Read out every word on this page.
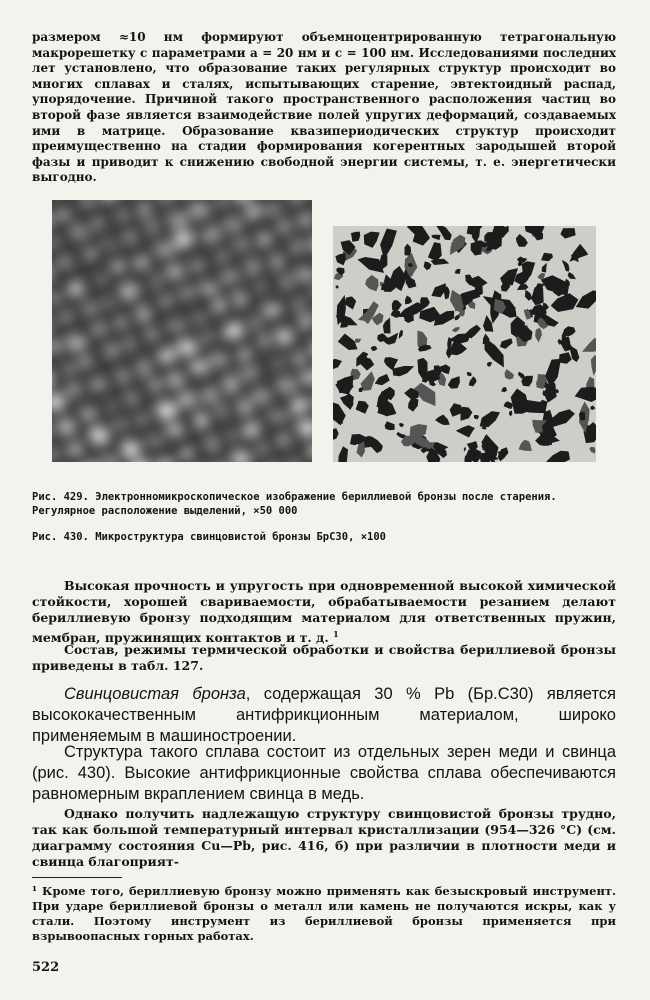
размером ≈10 нм формируют объемноцентрированную тетрагональную макрорешетку с параметрами a = 20 нм и c = 100 нм. Исследованиями последних лет установлено, что образование таких регулярных структур происходит во многих сплавах и сталях, испытывающих старение, эвтектоидный распад, упорядочение. Причиной такого пространственного расположения частиц во второй фазе является взаимодействие полей упругих деформаций, создаваемых ими в матрице. Образование квазипериодических структур происходит преимущественно на стадии формирования когерентных зародышей второй фазы и приводит к снижению свободной энергии системы, т. е. энергетически выгодно.

Рис. 429. Электронномикроскопическое изображение бериллиевой бронзы после старения. Регулярное расположение выделений, ×50 000

Рис. 430. Микроструктура свинцовистой бронзы БрС30, ×100

Высокая прочность и упругость при одновременной высокой химической стойкости, хорошей свариваемости, обрабатываемости резанием делают бериллиевую бронзу подходящим материалом для ответственных пружин, мембран, пружинящих контактов и т. д. $^1$

Состав, режимы термической обработки и свойства бериллиевой бронзы приведены в табл. 127.

Свинцовистая бронза, содержащая 30 % Pb (Бр.С30) является высококачественным антифрикционным материалом, широко применяемым в машиностроении.

Структура такого сплава состоит из отдельных зерен меди и свинца (рис. 430). Высокие антифрикционные свойства сплава обеспечиваются равномерным вкраплением свинца в медь.

Однако получить надлежащую структуру свинцовистой бронзы трудно, так как большой температурный интервал кристаллизации (954—326 °С) (см. диаграмму состояния Cu—Pb, рис. 416, б) при различии в плотности меди и свинца благоприят-

¹ Кроме того, бериллиевую бронзу можно применять как безыскровый инструмент. При ударе бериллиевой бронзы о металл или камень не получаются искры, как у стали. Поэтому инструмент из бериллиевой бронзы применяется при взрывоопасных горных работах.

522
